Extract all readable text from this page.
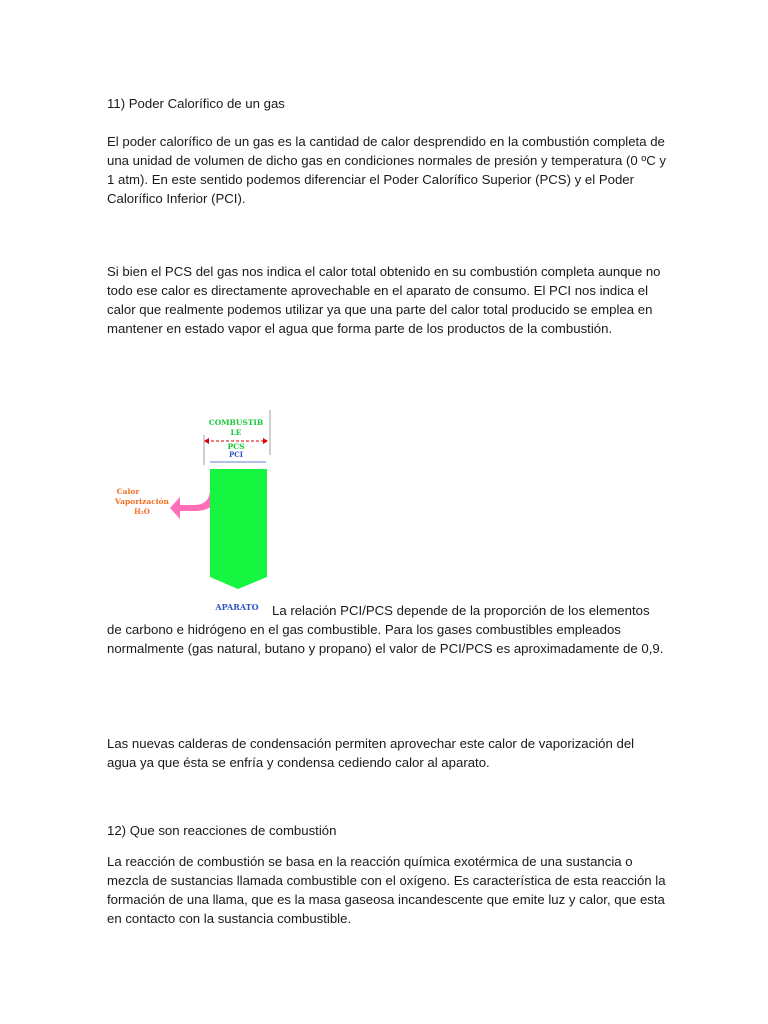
11) Poder Calorífico de un gas

El poder calorífico de un gas es la cantidad de calor desprendido en la combustión completa de una unidad de volumen de dicho gas en condiciones normales de presión y temperatura (0 ºC y 1 atm). En este sentido podemos diferenciar el Poder Calorífico Superior (PCS) y el Poder Calorífico Inferior (PCI).

Si bien el PCS del gas nos indica el calor total obtenido en su combustión completa aunque no todo ese calor es directamente aprovechable en el aparato de consumo. El PCI nos indica el calor que realmente podemos utilizar ya que una parte del calor total producido se emplea en mantener en estado vapor el agua que forma parte de los productos de la combustión.

COMBUSTIB
LE
PCS
PCI
Calor
Vaporización
H₂O
APARATO	La relación PCI/PCS depende de la proporción de los elementos de carbono e hidrógeno en el gas combustible. Para los gases combustibles empleados normalmente (gas natural, butano y propano) el valor de PCI/PCS es aproximadamente de 0,9.

Las nuevas calderas de condensación permiten aprovechar este calor de vaporización del agua ya que ésta se enfría y condensa cediendo calor al aparato.

12) Que son reacciones de combustión

La reacción de combustión se basa en la reacción química exotérmica de una sustancia o mezcla de sustancias llamada combustible con el oxígeno. Es característica de esta reacción la formación de una llama, que es la masa gaseosa incandescente que emite luz y calor, que esta en contacto con la sustancia combustible.
